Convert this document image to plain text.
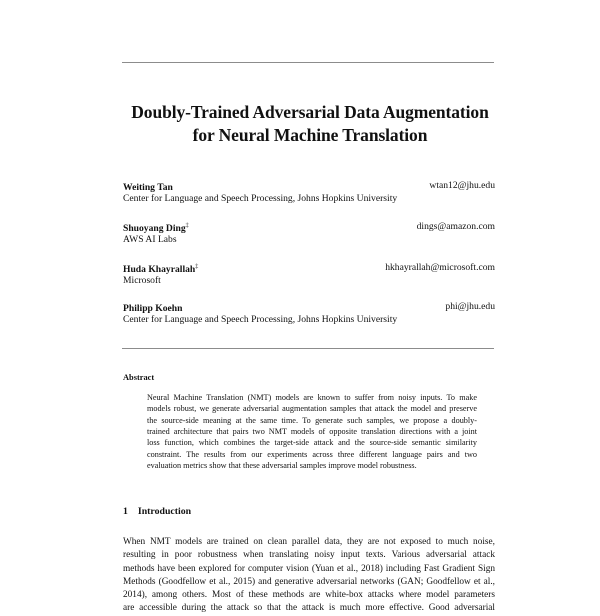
Doubly-Trained Adversarial Data Augmentation
for Neural Machine Translation
Weiting Tan	wtan12@jhu.edu
Center for Language and Speech Processing, Johns Hopkins University
Shuoyang Ding‡	dings@amazon.com
AWS AI Labs
Huda Khayrallah‡	hkhayrallah@microsoft.com
Microsoft
Philipp Koehn	phi@jhu.edu
Center for Language and Speech Processing, Johns Hopkins University
Abstract
Neural Machine Translation (NMT) models are known to suffer from noisy inputs. To make
models robust, we generate adversarial augmentation samples that attack the model and preserve
the source-side meaning at the same time. To generate such samples, we propose a doubly-
trained architecture that pairs two NMT models of opposite translation directions with a joint
loss function, which combines the target-side attack and the source-side semantic similarity
constraint. The results from our experiments across three different language pairs and two
evaluation metrics show that these adversarial samples improve model robustness.
1 Introduction
When NMT models are trained on clean parallel data, they are not exposed to much noise,
resulting in poor robustness when translating noisy input texts. Various adversarial attack
methods have been explored for computer vision (Yuan et al., 2018) including Fast Gradient Sign
Methods (Goodfellow et al., 2015) and generative adversarial networks (GAN; Goodfellow et al.,
2014), among others. Most of these methods are white-box attacks where model parameters
are accessible during the attack so that the attack is much more effective. Good adversarial
